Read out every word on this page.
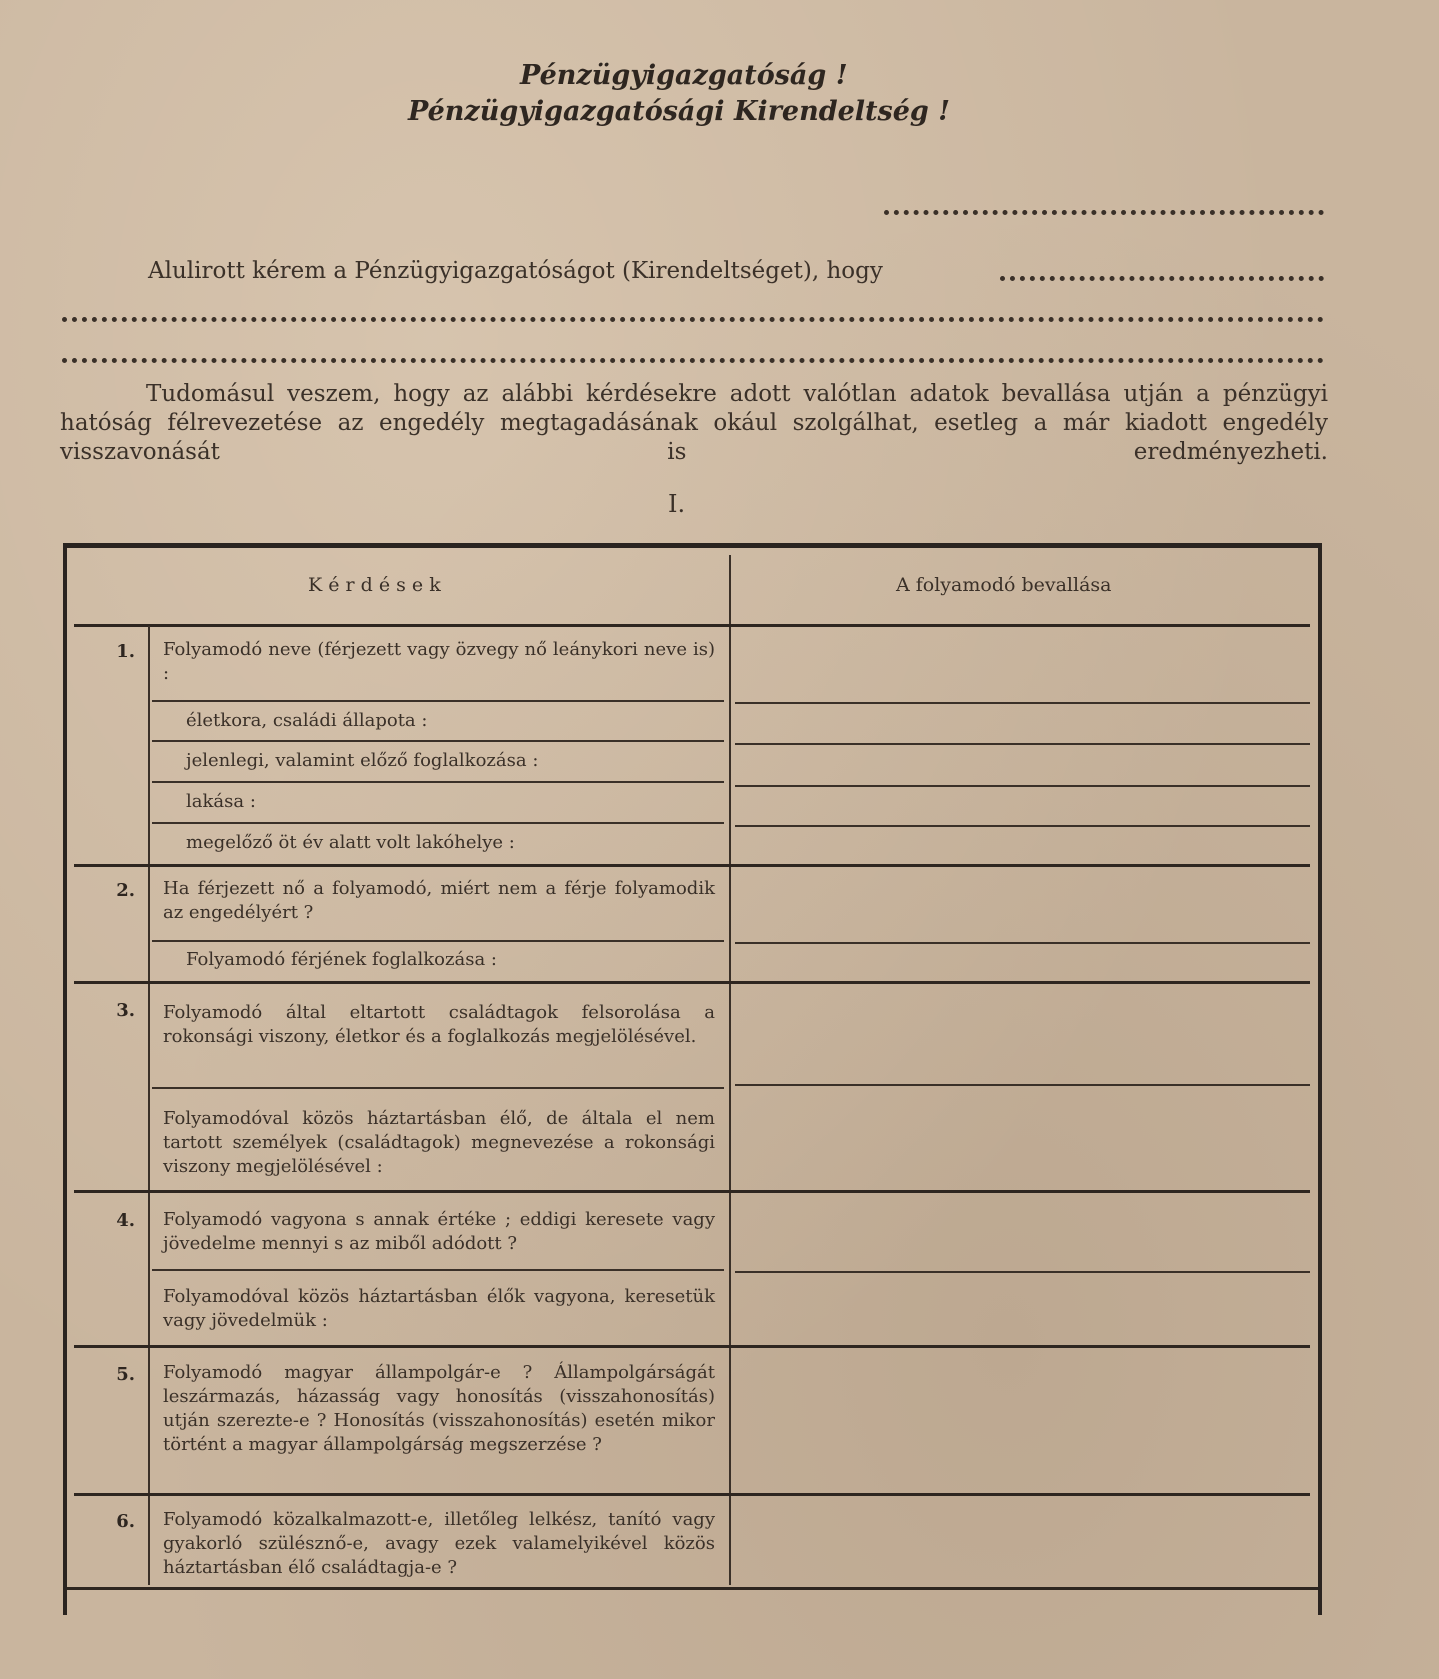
Pénzügyigazgatóság !
Pénzügyigazgatósági Kirendeltség !
Alulirott kérem a Pénzügyigazgatóságot (Kirendeltséget), hogy
Tudomásul veszem, hogy az alábbi kérdésekre adott valótlan adatok bevallása utján a pénzügyi hatóság félrevezetése az engedély megtagadásának okául szolgálhat, esetleg a már kiadott engedély visszavonását is eredményezheti.
I.
K é r d é s e k	A folyamodó bevallása
1. Folyamodó neve (férjezett vagy özvegy nő leánykori neve is) :
életkora, családi állapota :
jelenlegi, valamint előző foglalkozása :
lakása :
megelőző öt év alatt volt lakóhelye :
2. Ha férjezett nő a folyamodó, miért nem a férje folyamodik az engedélyért ?
Folyamodó férjének foglalkozása :
3. Folyamodó által eltartott családtagok felsorolása a rokonsági viszony, életkor és a foglalkozás megjelölésével.
Folyamodóval közös háztartásban élő, de általa el nem tartott személyek (családtagok) megnevezése a rokonsági viszony megjelölésével :
4. Folyamodó vagyona s annak értéke ; eddigi keresete vagy jövedelme mennyi s az miből adódott ?
Folyamodóval közös háztartásban élők vagyona, keresetük vagy jövedelmük :
5. Folyamodó magyar állampolgár-e ? Állampolgárságát leszármazás, házasság vagy honosítás (visszahonosítás) utján szerezte-e ? Honosítás (visszahonosítás) esetén mikor történt a magyar állampolgárság megszerzése ?
6. Folyamodó közalkalmazott-e, illetőleg lelkész, tanító vagy gyakorló szülésznő-e, avagy ezek valamelyikével közös háztartásban élő családtagja-e ?
